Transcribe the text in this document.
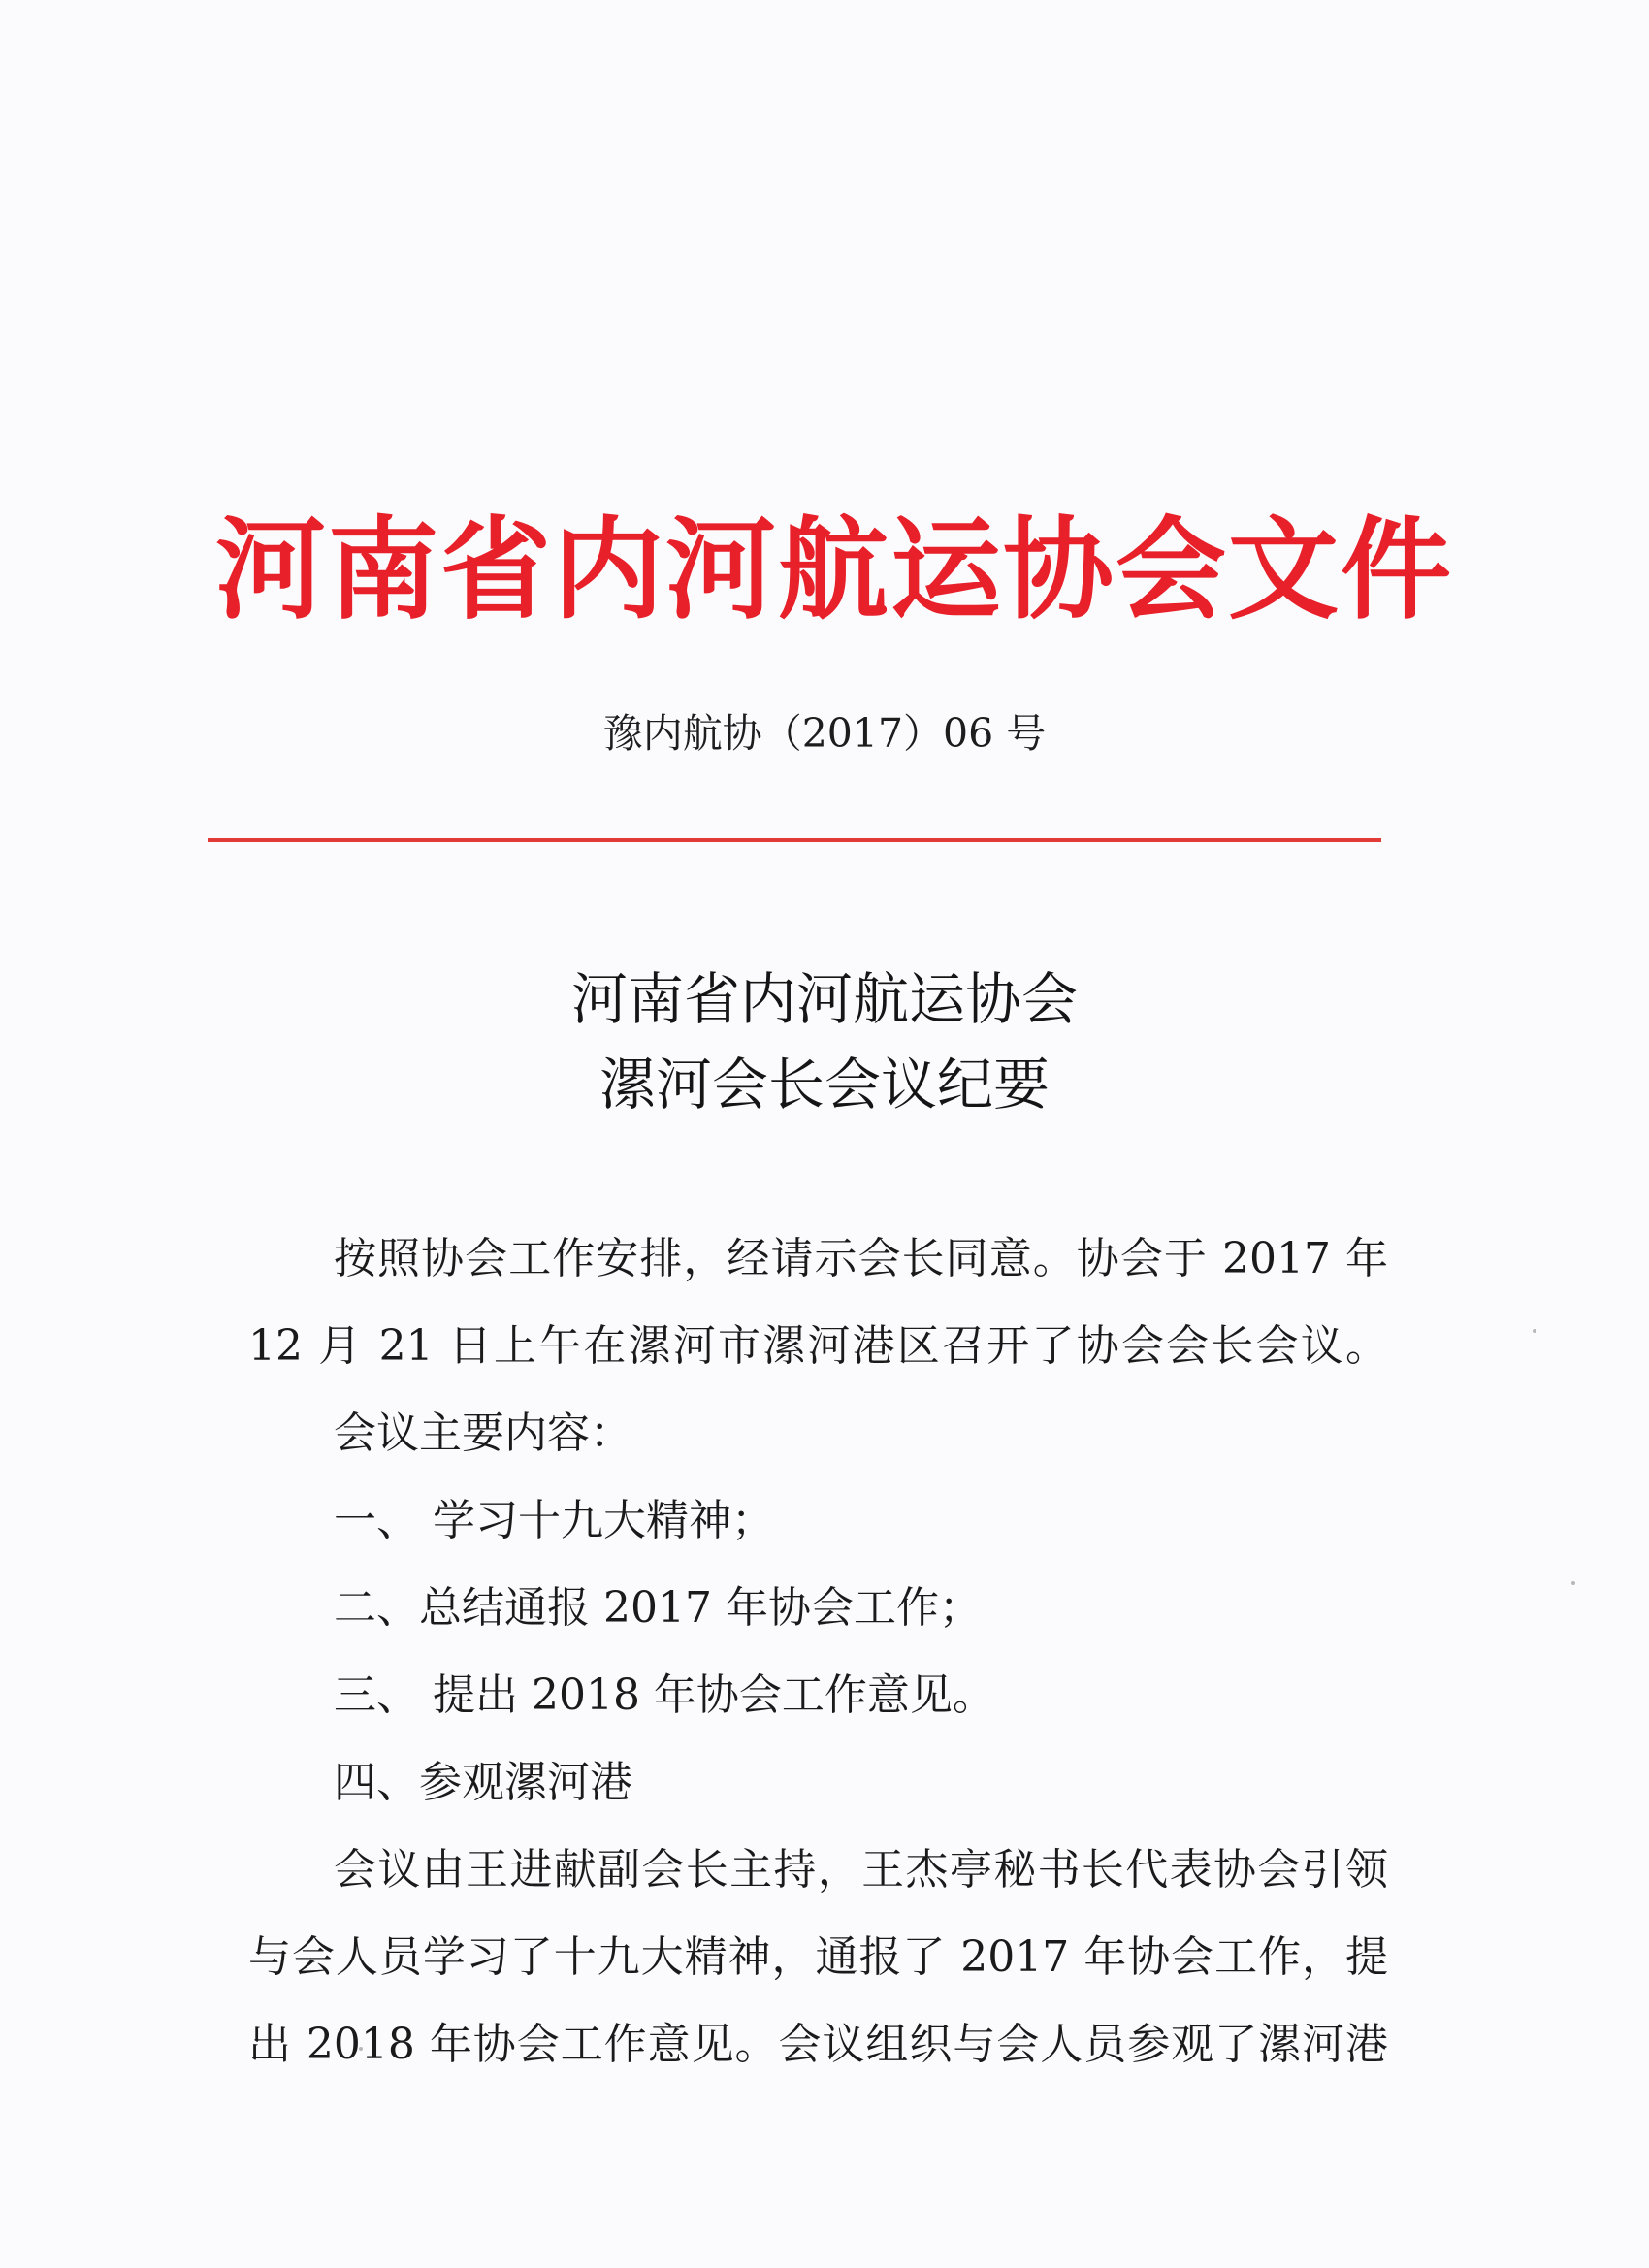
河南省内河航运协会文件
豫内航协（2017）06 号
河南省内河航运协会
漯河会长会议纪要
按照协会工作安排，经请示会长同意。协会于 2017 年
12 月 21 日上午在漯河市漯河港区召开了协会会长会议。
会议主要内容：
一、 学习十九大精神；
二、总结通报 2017 年协会工作；
三、 提出 2018 年协会工作意见。
四、参观漯河港
会议由王进献副会长主持，王杰亭秘书长代表协会引领
与会人员学习了十九大精神，通报了 2017 年协会工作，提
出 2018 年协会工作意见。会议组织与会人员参观了漯河港
